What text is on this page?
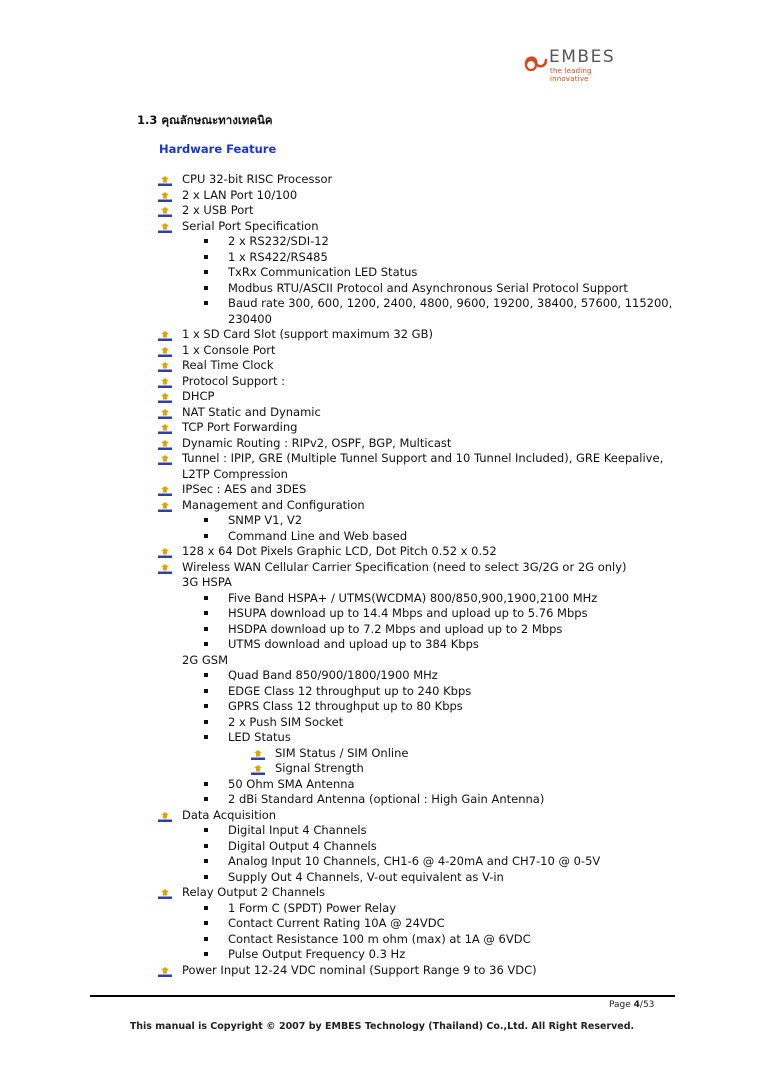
EMBES
the leading innovative
1.3 คุณลักษณะทางเทคนิค
Hardware Feature
CPU 32-bit RISC Processor
2 x LAN Port 10/100
2 x USB Port
Serial Port Specification
2 x RS232/SDI-12
1 x RS422/RS485
TxRx Communication LED Status
Modbus RTU/ASCII Protocol and Asynchronous Serial Protocol Support
Baud rate 300, 600, 1200, 2400, 4800, 9600, 19200, 38400, 57600, 115200,
230400
1 x SD Card Slot (support maximum 32 GB)
1 x Console Port
Real Time Clock
Protocol Support :
DHCP
NAT Static and Dynamic
TCP Port Forwarding
Dynamic Routing : RIPv2, OSPF, BGP, Multicast
Tunnel : IPIP, GRE (Multiple Tunnel Support and 10 Tunnel Included), GRE Keepalive,
L2TP Compression
IPSec : AES and 3DES
Management and Configuration
SNMP V1, V2
Command Line and Web based
128 x 64 Dot Pixels Graphic LCD, Dot Pitch 0.52 x 0.52
Wireless WAN Cellular Carrier Specification (need to select 3G/2G or 2G only)
3G HSPA
Five Band HSPA+ / UTMS(WCDMA) 800/850,900,1900,2100 MHz
HSUPA download up to 14.4 Mbps and upload up to 5.76 Mbps
HSDPA download up to 7.2 Mbps and upload up to 2 Mbps
UTMS download and upload up to 384 Kbps
2G GSM
Quad Band 850/900/1800/1900 MHz
EDGE Class 12 throughput up to 240 Kbps
GPRS Class 12 throughput up to 80 Kbps
2 x Push SIM Socket
LED Status
SIM Status / SIM Online
Signal Strength
50 Ohm SMA Antenna
2 dBi Standard Antenna (optional : High Gain Antenna)
Data Acquisition
Digital Input 4 Channels
Digital Output 4 Channels
Analog Input 10 Channels, CH1-6 @ 4-20mA and CH7-10 @ 0-5V
Supply Out 4 Channels, V-out equivalent as V-in
Relay Output 2 Channels
1 Form C (SPDT) Power Relay
Contact Current Rating 10A @ 24VDC
Contact Resistance 100 m ohm (max) at 1A @ 6VDC
Pulse Output Frequency 0.3 Hz
Power Input 12-24 VDC nominal (Support Range 9 to 36 VDC)
Page 4/53
This manual is Copyright © 2007 by EMBES Technology (Thailand) Co.,Ltd. All Right Reserved.
